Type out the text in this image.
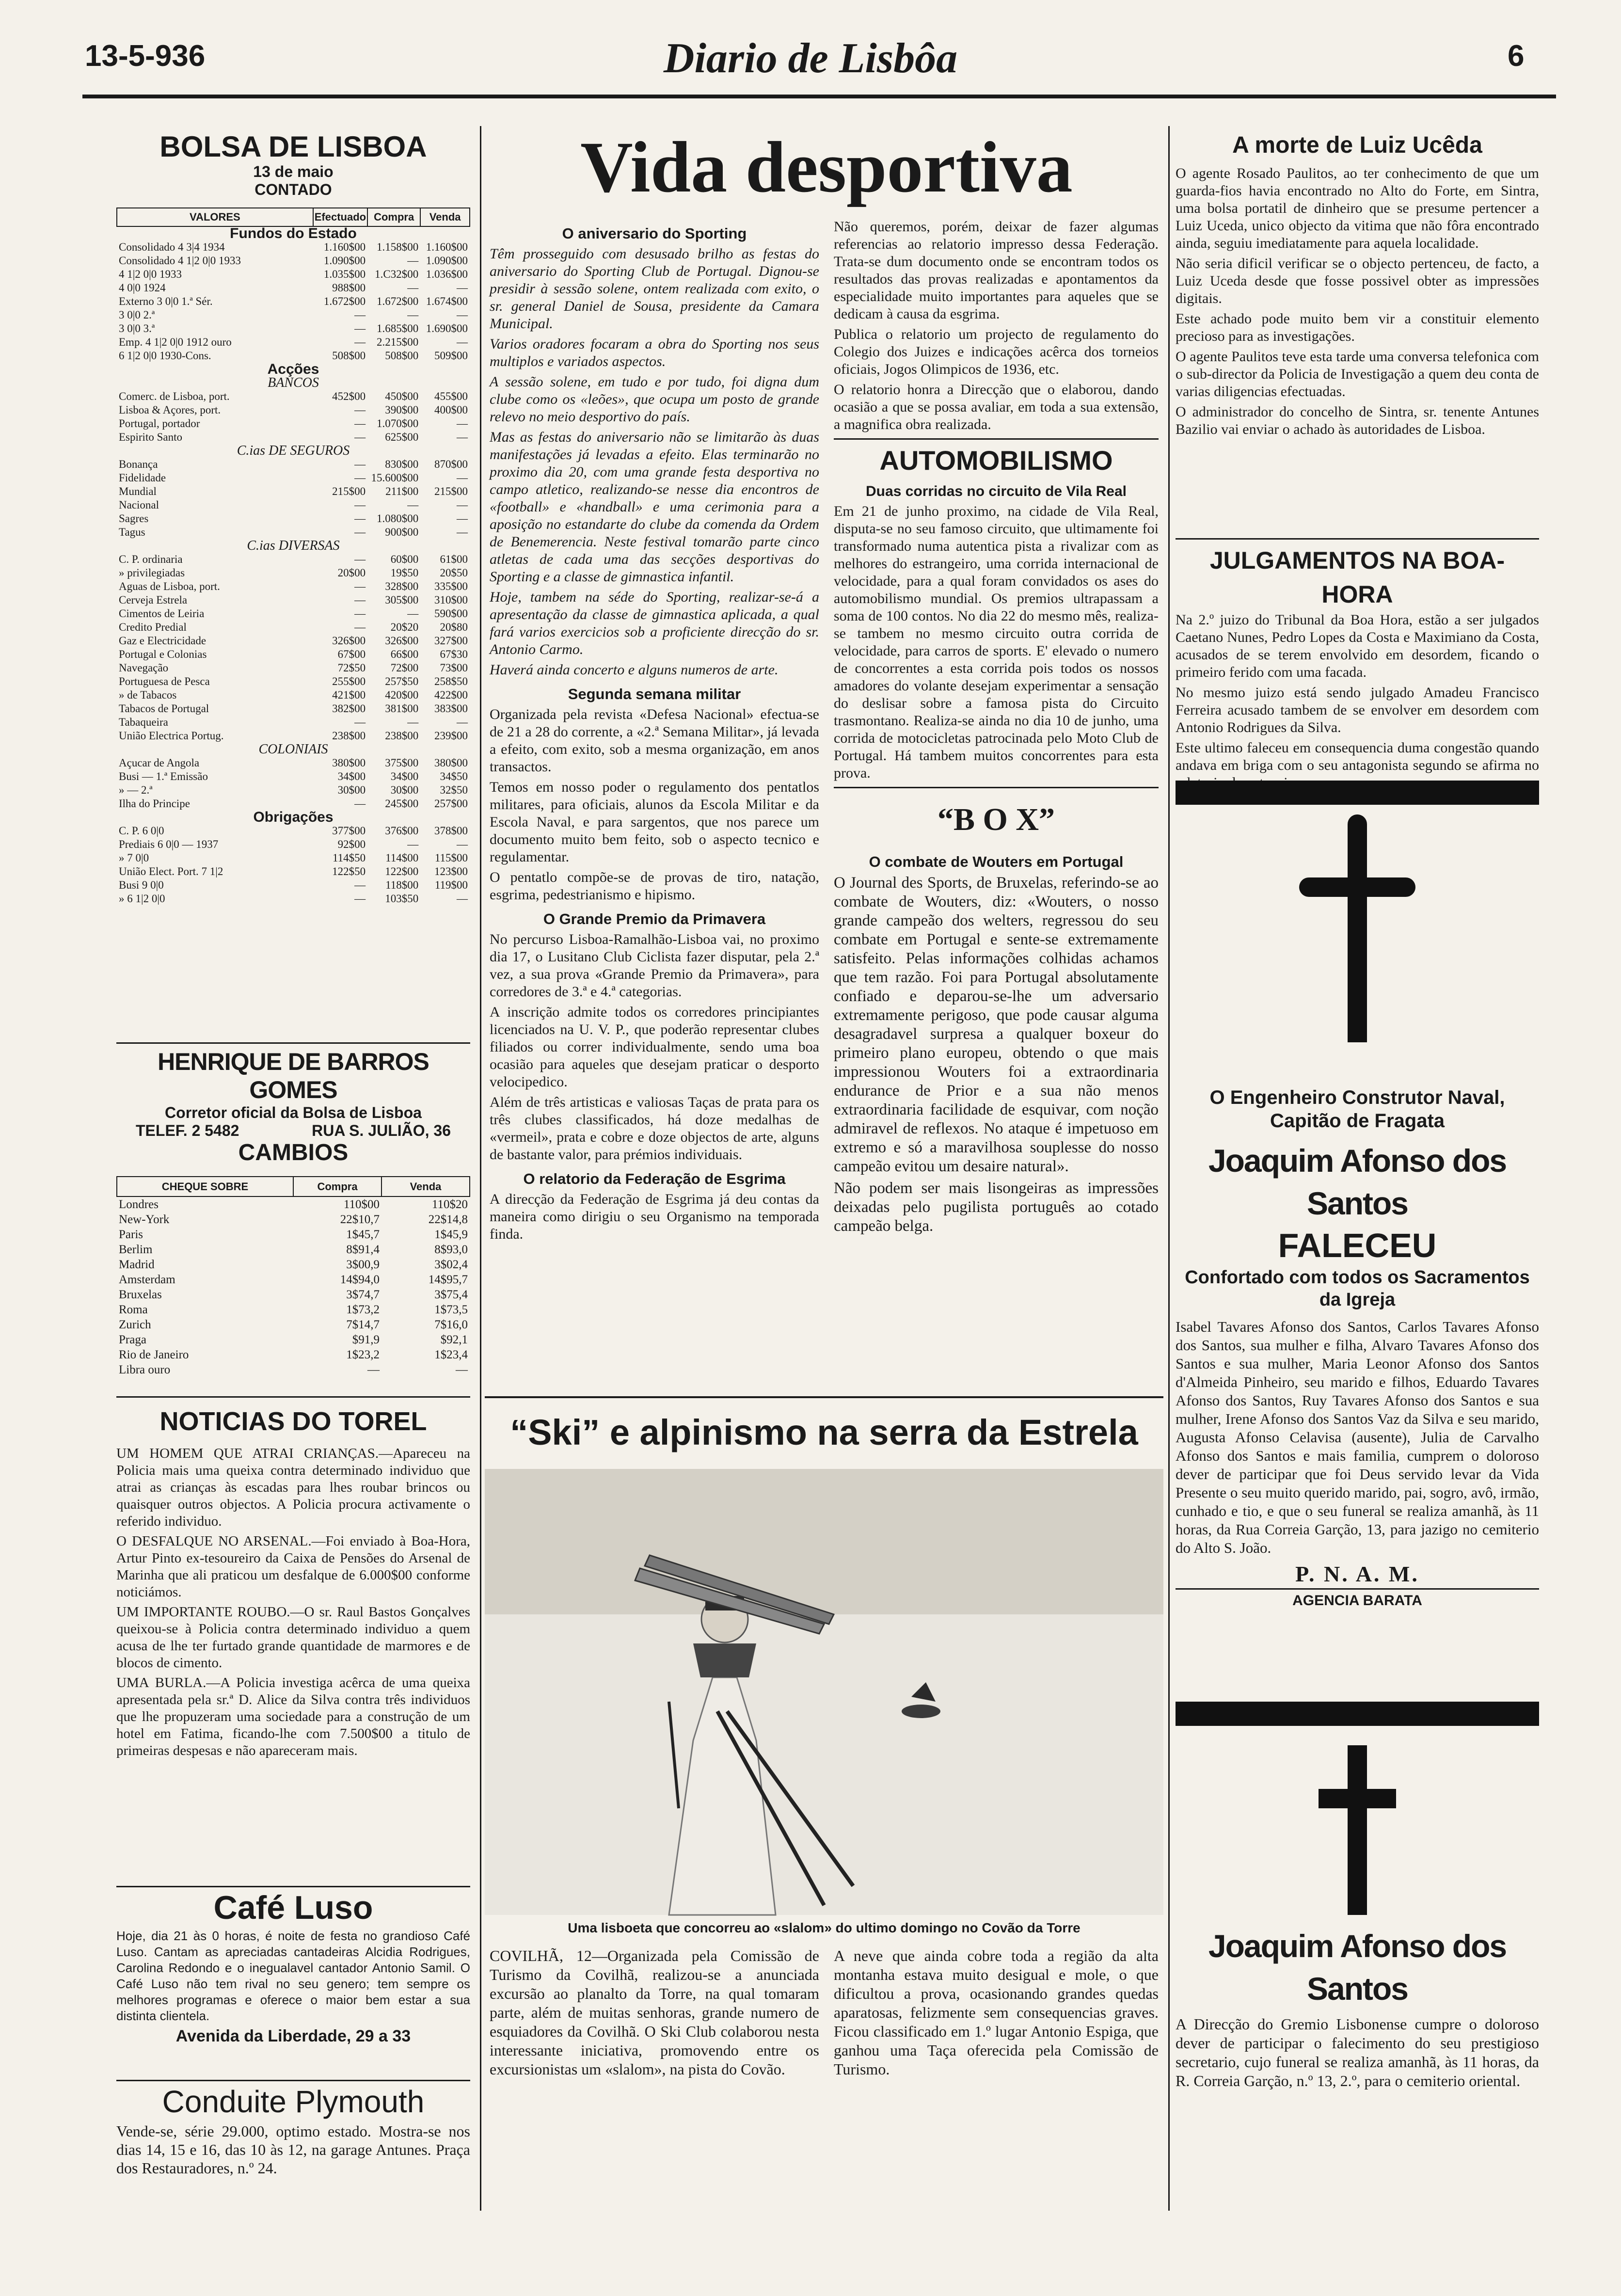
13-5-936	Diario de Lisbôa	6
BOLSA DE LISBOA
13 de maio
CONTADO
VALORES	Efectuado	Compra	Venda
Fundos do Estado			
Consolidado 4 3|4 1934	1.160$00	1.158$00	1.160$00
Consolidado 4 1|2 0|0 1933	1.090$00	—	1.090$00
4 1|2 0|0 1933	1.035$00	1.C32$00	1.036$00
4 0|0 1924	988$00	—	—
Externo 3 0|0 1.ª Sér.	1.672$00	1.672$00	1.674$00
3 0|0 2.ª	—	—	—
3 0|0 3.ª	—	1.685$00	1.690$00
Emp. 4 1|2 0|0 1912 ouro	—	2.215$00	—
6 1|2 0|0 1930-Cons.	508$00	508$00	509$00
Acções			
BANCOS			
Comerc. de Lisboa, port.	452$00	450$00	455$00
Lisboa & Açores, port.	—	390$00	400$00
Portugal, portador	—	1.070$00	—
Espirito Santo	—	625$00	—
C.ias DE SEGUROS			
Bonança	—	830$00	870$00
Fidelidade	—	15.600$00	—
Mundial	215$00	211$00	215$00
Nacional	—	—	—
Sagres	—	1.080$00	—
Tagus	—	900$00	—
C.ias DIVERSAS			
C. P. ordinaria	—	60$00	61$00
» privilegiadas	20$00	19$50	20$50
Aguas de Lisboa, port.	—	328$00	335$00
Cerveja Estrela	—	305$00	310$00
Cimentos de Leiria	—	—	590$00
Credito Predial	—	20$20	20$80
Gaz e Electricidade	326$00	326$00	327$00
Portugal e Colonias	67$00	66$00	67$30
Navegação	72$50	72$00	73$00
Portuguesa de Pesca	255$00	257$50	258$50
» de Tabacos	421$00	420$00	422$00
Tabacos de Portugal	382$00	381$00	383$00
Tabaqueira	—	—	—
União Electrica Portug.	238$00	238$00	239$00
COLONIAIS			
Açucar de Angola	380$00	375$00	380$00
Busi — 1.ª Emissão	34$00	34$00	34$50
» — 2.ª	30$00	30$00	32$50
Ilha do Principe	—	245$00	257$00
Obrigações			
C. P. 6 0|0	377$00	376$00	378$00
Prediais 6 0|0 — 1937	92$00	—	—
» 7 0|0	114$50	114$00	115$00
União Elect. Port. 7 1|2	122$50	122$00	123$00
Busi 9 0|0	—	118$00	119$00
» 6 1|2 0|0	—	103$50	—
HENRIQUE DE BARROS GOMES
Corretor oficial da Bolsa de Lisboa
TELEF. 2 5482	RUA S. JULIÃO, 36
CAMBIOS
CHEQUE SOBRE	Compra	Venda
Londres	110$00	110$20
New-York	22$10,7	22$14,8
Paris	1$45,7	1$45,9
Berlim	8$91,4	8$93,0
Madrid	3$00,9	3$02,4
Amsterdam	14$94,0	14$95,7
Bruxelas	3$74,7	3$75,4
Roma	1$73,2	1$73,5
Zurich	7$14,7	7$16,0
Praga	$91,9	$92,1
Rio de Janeiro	1$23,2	1$23,4
Libra ouro	—	—
NOTICIAS DO TOREL

UM HOMEM QUE ATRAI CRIANÇAS.—Apareceu na Policia mais uma queixa contra determinado individuo que atrai as crianças às escadas para lhes roubar brincos ou quaisquer outros objectos. A Policia procura activamente o referido individuo.

O DESFALQUE NO ARSENAL.—Foi enviado à Boa-Hora, Artur Pinto ex-tesoureiro da Caixa de Pensões do Arsenal de Marinha que ali praticou um desfalque de 6.000$00 conforme noticiámos.

UM IMPORTANTE ROUBO.—O sr. Raul Bastos Gonçalves queixou-se à Policia contra determinado individuo a quem acusa de lhe ter furtado grande quantidade de marmores e de blocos de cimento.

UMA BURLA.—A Policia investiga acêrca de uma queixa apresentada pela sr.ª D. Alice da Silva contra três individuos que lhe propuzeram uma sociedade para a construção de um hotel em Fatima, ficando-lhe com 7.500$00 a titulo de primeiras despesas e não apareceram mais.

Café Luso

Hoje, dia 21 às 0 horas, é noite de festa no grandioso Café Luso. Cantam as apreciadas cantadeiras Alcidia Rodrigues, Carolina Redondo e o inegualavel cantador Antonio Samil. O Café Luso não tem rival no seu genero; tem sempre os melhores programas e oferece o maior bem estar a sua distinta clientela.

Avenida da Liberdade, 29 a 33
Conduite Plymouth

Vende-se, série 29.000, optimo estado. Mostra-se nos dias 14, 15 e 16, das 10 às 12, na garage Antunes. Praça dos Restauradores, n.º 24.

Vida desportiva
O aniversario do Sporting

Têm prosseguido com desusado brilho as festas do aniversario do Sporting Club de Portugal. Dignou-se presidir à sessão solene, ontem realizada com exito, o sr. general Daniel de Sousa, presidente da Camara Municipal.

Varios oradores focaram a obra do Sporting nos seus multiplos e variados aspectos.

A sessão solene, em tudo e por tudo, foi digna dum clube como os «leões», que ocupa um posto de grande relevo no meio desportivo do país.

Mas as festas do aniversario não se limitarão às duas manifestações já levadas a efeito. Elas terminarão no proximo dia 20, com uma grande festa desportiva no campo atletico, realizando-se nesse dia encontros de «football» e «handball» e uma cerimonia para a aposição no estandarte do clube da comenda da Ordem de Benemerencia. Neste festival tomarão parte cinco atletas de cada uma das secções desportivas do Sporting e a classe de gimnastica infantil.

Hoje, tambem na séde do Sporting, realizar-se-á a apresentação da classe de gimnastica aplicada, a qual fará varios exercicios sob a proficiente direcção do sr. Antonio Carmo.

Haverá ainda concerto e alguns numeros de arte.

Segunda semana militar

Organizada pela revista «Defesa Nacional» efectua-se de 21 a 28 do corrente, a «2.ª Semana Militar», já levada a efeito, com exito, sob a mesma organização, em anos transactos.

Temos em nosso poder o regulamento dos pentatlos militares, para oficiais, alunos da Escola Militar e da Escola Naval, e para sargentos, que nos parece um documento muito bem feito, sob o aspecto tecnico e regulamentar.

O pentatlo compõe-se de provas de tiro, natação, esgrima, pedestrianismo e hipismo.

O Grande Premio da Primavera

No percurso Lisboa-Ramalhão-Lisboa vai, no proximo dia 17, o Lusitano Club Ciclista fazer disputar, pela 2.ª vez, a sua prova «Grande Premio da Primavera», para corredores de 3.ª e 4.ª categorias.

A inscrição admite todos os corredores principiantes licenciados na U. V. P., que poderão representar clubes filiados ou correr individualmente, sendo uma boa ocasião para aqueles que desejam praticar o desporto velocipedico.

Além de três artisticas e valiosas Taças de prata para os três clubes classificados, há doze medalhas de «vermeil», prata e cobre e doze objectos de arte, alguns de bastante valor, para prémios individuais.

O relatorio da Federação de Esgrima

A direcção da Federação de Esgrima já deu contas da maneira como dirigiu o seu Organismo na temporada finda.

Não queremos, porém, deixar de fazer algumas referencias ao relatorio impresso dessa Federação. Trata-se dum documento onde se encontram todos os resultados das provas realizadas e apontamentos da especialidade muito importantes para aqueles que se dedicam à causa da esgrima.

Publica o relatorio um projecto de regulamento do Colegio dos Juizes e indicações acêrca dos torneios oficiais, Jogos Olimpicos de 1936, etc.

O relatorio honra a Direcção que o elaborou, dando ocasião a que se possa avaliar, em toda a sua extensão, a magnifica obra realizada.

AUTOMOBILISMO
Duas corridas no circuito de Vila Real

Em 21 de junho proximo, na cidade de Vila Real, disputa-se no seu famoso circuito, que ultimamente foi transformado numa autentica pista a rivalizar com as melhores do estrangeiro, uma corrida internacional de velocidade, para a qual foram convidados os ases do automobilismo mundial. Os premios ultrapassam a soma de 100 contos. No dia 22 do mesmo mês, realiza-se tambem no mesmo circuito outra corrida de velocidade, para carros de sports. E' elevado o numero de concorrentes a esta corrida pois todos os nossos amadores do volante desejam experimentar a sensação do deslisar sobre a famosa pista do Circuito trasmontano. Realiza-se ainda no dia 10 de junho, uma corrida de motocicletas patrocinada pelo Moto Club de Portugal. Há tambem muitos concorrentes para esta prova.

“B O X”
O combate de Wouters em Portugal

O Journal des Sports, de Bruxelas, referindo-se ao combate de Wouters, diz: «Wouters, o nosso grande campeão dos welters, regressou do seu combate em Portugal e sente-se extremamente satisfeito. Pelas informações colhidas achamos que tem razão. Foi para Portugal absolutamente confiado e deparou-se-lhe um adversario extremamente perigoso, que pode causar alguma desagradavel surpresa a qualquer boxeur do primeiro plano europeu, obtendo o que mais impressionou Wouters foi a extraordinaria endurance de Prior e a sua não menos extraordinaria facilidade de esquivar, com noção admiravel de reflexos. No ataque é impetuoso em extremo e só a maravilhosa souplesse do nosso campeão evitou um desaire natural».

Não podem ser mais lisongeiras as impressões deixadas pelo pugilista português ao cotado campeão belga.

“Ski” e alpinismo na serra da Estrela
Uma lisboeta que concorreu ao «slalom» do ultimo domingo no Covão da Torre

COVILHÃ, 12—Organizada pela Comissão de Turismo da Covilhã, realizou-se a anunciada excursão ao planalto da Torre, na qual tomaram parte, além de muitas senhoras, grande numero de esquiadores da Covilhã. O Ski Club colaborou nesta interessante iniciativa, promovendo entre os excursionistas um «slalom», na pista do Covão.

A neve que ainda cobre toda a região da alta montanha estava muito desigual e mole, o que dificultou a prova, ocasionando grandes quedas aparatosas, felizmente sem consequencias graves. Ficou classificado em 1.º lugar Antonio Espiga, que ganhou uma Taça oferecida pela Comissão de Turismo.

A morte de Luiz Ucêda

O agente Rosado Paulitos, ao ter conhecimento de que um guarda-fios havia encontrado no Alto do Forte, em Sintra, uma bolsa portatil de dinheiro que se presume pertencer a Luiz Uceda, unico objecto da vitima que não fôra encontrado ainda, seguiu imediatamente para aquela localidade.

Não seria dificil verificar se o objecto pertenceu, de facto, a Luiz Uceda desde que fosse possivel obter as impressões digitais.

Este achado pode muito bem vir a constituir elemento precioso para as investigações.

O agente Paulitos teve esta tarde uma conversa telefonica com o sub-director da Policia de Investigação a quem deu conta de varias diligencias efectuadas.

O administrador do concelho de Sintra, sr. tenente Antunes Bazilio vai enviar o achado às autoridades de Lisboa.

JULGAMENTOS NA BOA-HORA

Na 2.º juizo do Tribunal da Boa Hora, estão a ser julgados Caetano Nunes, Pedro Lopes da Costa e Maximiano da Costa, acusados de se terem envolvido em desordem, ficando o primeiro ferido com uma facada.

No mesmo juizo está sendo julgado Amadeu Francisco Ferreira acusado tambem de se envolver em desordem com Antonio Rodrigues da Silva.

Este ultimo faleceu em consequencia duma congestão quando andava em briga com o seu antagonista segundo se afirma no

O Engenheiro Construtor Naval,
Capitão de Fragata
Joaquim Afonso dos Santos
FALECEU
Confortado com todos os Sacramentos da Igreja

Isabel Tavares Afonso dos Santos, Carlos Tavares Afonso dos Santos, sua mulher e filha, Alvaro Tavares Afonso dos Santos e sua mulher, Maria Leonor Afonso dos Santos d'Almeida Pinheiro, seu marido e filhos, Eduardo Tavares Afonso dos Santos, Ruy Tavares Afonso dos Santos e sua mulher, Irene Afonso dos Santos Vaz da Silva e seu marido, Augusta Afonso Celavisa (ausente), Julia de Carvalho Afonso dos Santos e mais familia, cumprem o doloroso dever de participar que foi Deus servido levar da Vida Presente o seu muito querido marido, pai, sogro, avô, irmão, cunhado e tio, e que o seu funeral se realiza amanhã, às 11 horas, da Rua Correia Garção, 13, para jazigo no cemiterio do Alto S. João.

P. N. A. M.
AGENCIA BARATA
Joaquim Afonso dos Santos

A Direcção do Gremio Lisbonense cumpre o doloroso dever de participar o falecimento do seu prestigioso secretario, cujo funeral se realiza amanhã, às 11 horas, da R. Correia Garção, n.º 13, 2.º, para o cemiterio oriental.
